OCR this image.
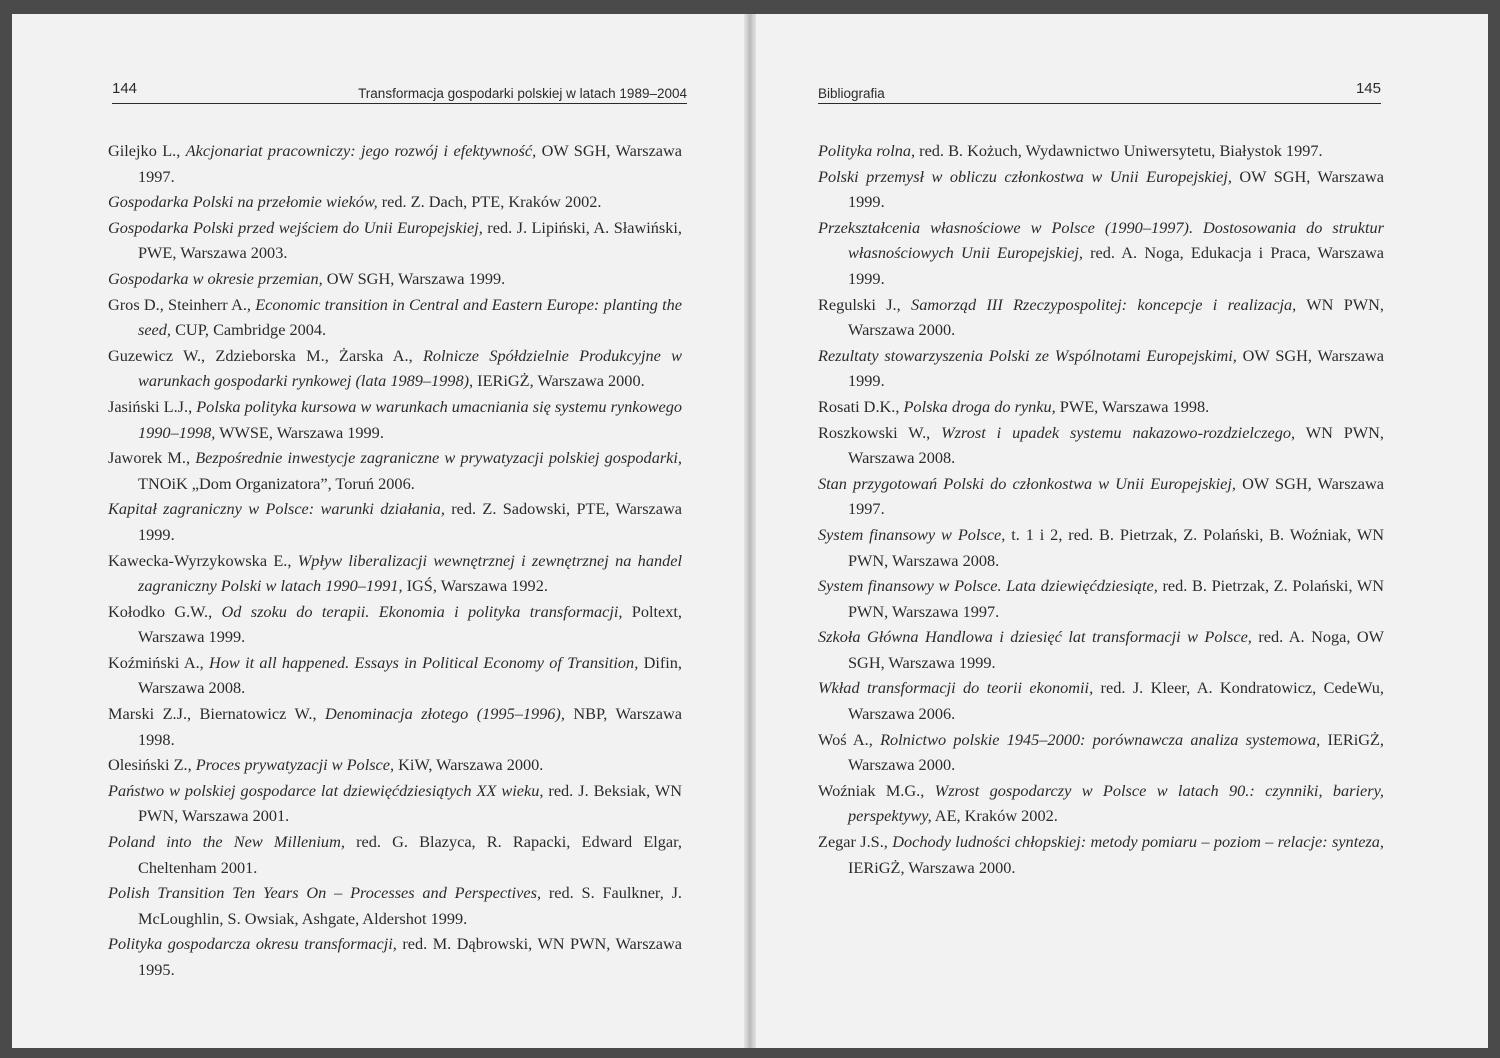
144	Transformacja gospodarki polskiej w latach 1989–2004
Gilejko L., Akcjonariat pracowniczy: jego rozwój i efektywność, OW SGH, Warszawa 1997.
Gospodarka Polski na przełomie wieków, red. Z. Dach, PTE, Kraków 2002.
Gospodarka Polski przed wejściem do Unii Europejskiej, red. J. Lipiński, A. Sławiński, PWE, Warszawa 2003.
Gospodarka w okresie przemian, OW SGH, Warszawa 1999.
Gros D., Steinherr A., Economic transition in Central and Eastern Europe: planting the seed, CUP, Cambridge 2004.
Guzewicz W., Zdzieborska M., Żarska A., Rolnicze Spółdzielnie Produkcyjne w warunkach gospodarki rynkowej (lata 1989–1998), IERiGŻ, Warszawa 2000.
Jasiński L.J., Polska polityka kursowa w warunkach umacniania się systemu rynkowego 1990–1998, WWSE, Warszawa 1999.
Jaworek M., Bezpośrednie inwestycje zagraniczne w prywatyzacji polskiej gospodarki, TNOiK „Dom Organizatora”, Toruń 2006.
Kapitał zagraniczny w Polsce: warunki działania, red. Z. Sadowski, PTE, Warszawa 1999.
Kawecka-Wyrzykowska E., Wpływ liberalizacji wewnętrznej i zewnętrznej na handel zagraniczny Polski w latach 1990–1991, IGŚ, Warszawa 1992.
Kołodko G.W., Od szoku do terapii. Ekonomia i polityka transformacji, Poltext, Warszawa 1999.
Koźmiński A., How it all happened. Essays in Political Economy of Transition, Difin, Warszawa 2008.
Marski Z.J., Biernatowicz W., Denominacja złotego (1995–1996), NBP, Warszawa 1998.
Olesiński Z., Proces prywatyzacji w Polsce, KiW, Warszawa 2000.
Państwo w polskiej gospodarce lat dziewięćdziesiątych XX wieku, red. J. Beksiak, WN PWN, Warszawa 2001.
Poland into the New Millenium, red. G. Blazyca, R. Rapacki, Edward Elgar, Cheltenham 2001.
Polish Transition Ten Years On – Processes and Perspectives, red. S. Faulkner, J. McLoughlin, S. Owsiak, Ashgate, Aldershot 1999.
Polityka gospodarcza okresu transformacji, red. M. Dąbrowski, WN PWN, Warszawa 1995.
Bibliografia	145
Polityka rolna, red. B. Kożuch, Wydawnictwo Uniwersytetu, Białystok 1997.
Polski przemysł w obliczu członkostwa w Unii Europejskiej, OW SGH, Warszawa 1999.
Przekształcenia własnościowe w Polsce (1990–1997). Dostosowania do struktur własnościowych Unii Europejskiej, red. A. Noga, Edukacja i Praca, Warszawa 1999.
Regulski J., Samorząd III Rzeczypospolitej: koncepcje i realizacja, WN PWN, Warszawa 2000.
Rezultaty stowarzyszenia Polski ze Wspólnotami Europejskimi, OW SGH, Warszawa 1999.
Rosati D.K., Polska droga do rynku, PWE, Warszawa 1998.
Roszkowski W., Wzrost i upadek systemu nakazowo-rozdzielczego, WN PWN, Warszawa 2008.
Stan przygotowań Polski do członkostwa w Unii Europejskiej, OW SGH, Warszawa 1997.
System finansowy w Polsce, t. 1 i 2, red. B. Pietrzak, Z. Polański, B. Woźniak, WN PWN, Warszawa 2008.
System finansowy w Polsce. Lata dziewięćdziesiąte, red. B. Pietrzak, Z. Polański, WN PWN, Warszawa 1997.
Szkoła Główna Handlowa i dziesięć lat transformacji w Polsce, red. A. Noga, OW SGH, Warszawa 1999.
Wkład transformacji do teorii ekonomii, red. J. Kleer, A. Kondratowicz, CedeWu, Warszawa 2006.
Woś A., Rolnictwo polskie 1945–2000: porównawcza analiza systemowa, IERiGŻ, Warszawa 2000.
Woźniak M.G., Wzrost gospodarczy w Polsce w latach 90.: czynniki, bariery, perspektywy, AE, Kraków 2002.
Zegar J.S., Dochody ludności chłopskiej: metody pomiaru – poziom – relacje: synteza, IERiGŻ, Warszawa 2000.
